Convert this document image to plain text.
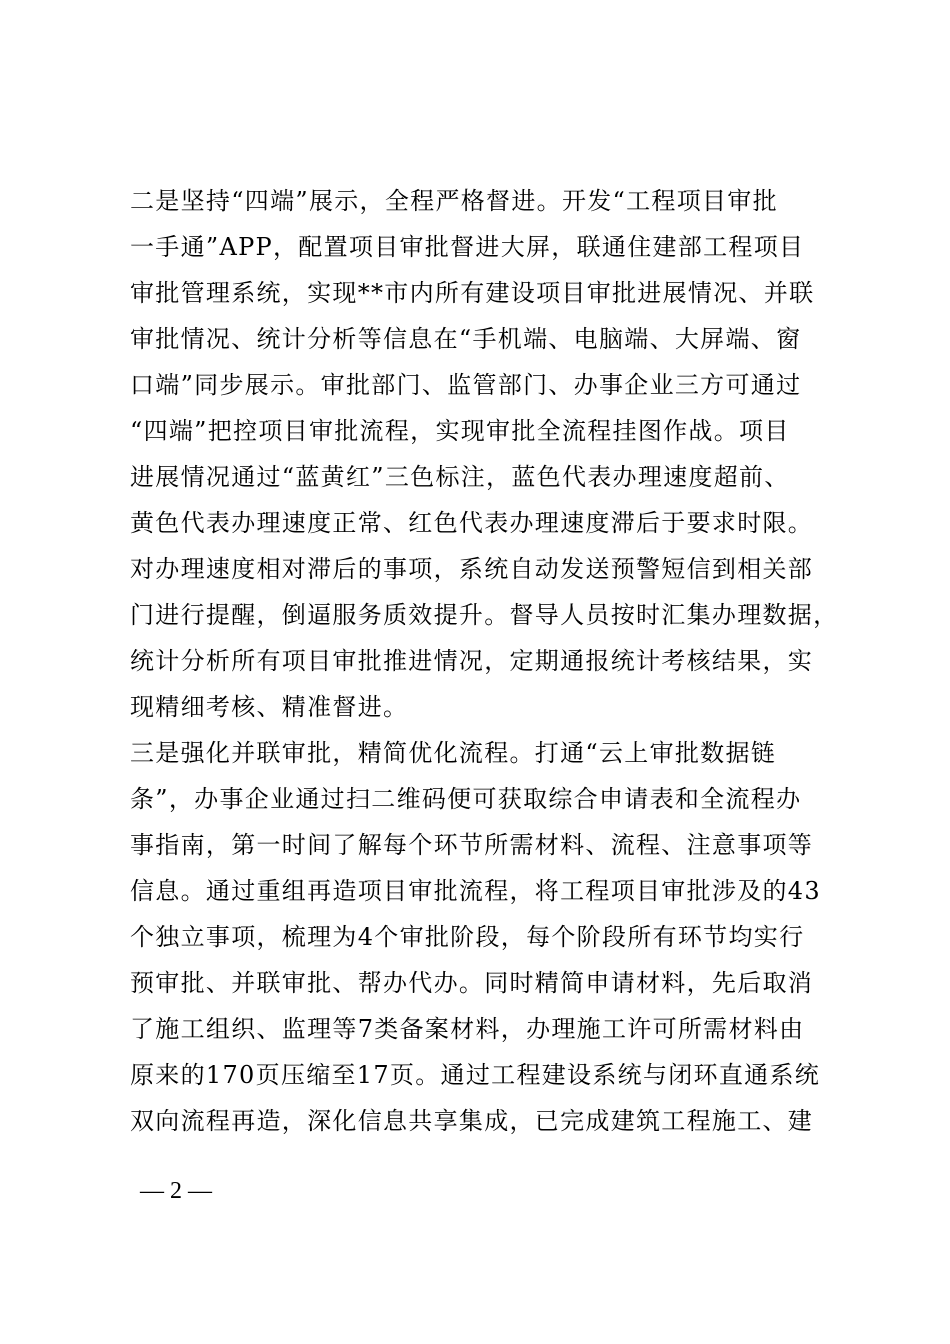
二是坚持“四端”展示，全程严格督进。开发“工程项目审批
一手通”APP，配置项目审批督进大屏，联通住建部工程项目
审批管理系统，实现**市内所有建设项目审批进展情况、并联
审批情况、统计分析等信息在“手机端、电脑端、大屏端、窗
口端”同步展示。审批部门、监管部门、办事企业三方可通过
“四端”把控项目审批流程，实现审批全流程挂图作战。项目
进展情况通过“蓝黄红”三色标注，蓝色代表办理速度超前、
黄色代表办理速度正常、红色代表办理速度滞后于要求时限。
对办理速度相对滞后的事项，系统自动发送预警短信到相关部
门进行提醒，倒逼服务质效提升。督导人员按时汇集办理数据，
统计分析所有项目审批推进情况，定期通报统计考核结果，实
现精细考核、精准督进。
三是强化并联审批，精简优化流程。打通“云上审批数据链
条”，办事企业通过扫二维码便可获取综合申请表和全流程办
事指南，第一时间了解每个环节所需材料、流程、注意事项等
信息。通过重组再造项目审批流程，将工程项目审批涉及的43
个独立事项，梳理为4个审批阶段，每个阶段所有环节均实行
预审批、并联审批、帮办代办。同时精简申请材料，先后取消
了施工组织、监理等7类备案材料，办理施工许可所需材料由
原来的170页压缩至17页。通过工程建设系统与闭环直通系统
双向流程再造，深化信息共享集成，已完成建筑工程施工、建
— 2 —
